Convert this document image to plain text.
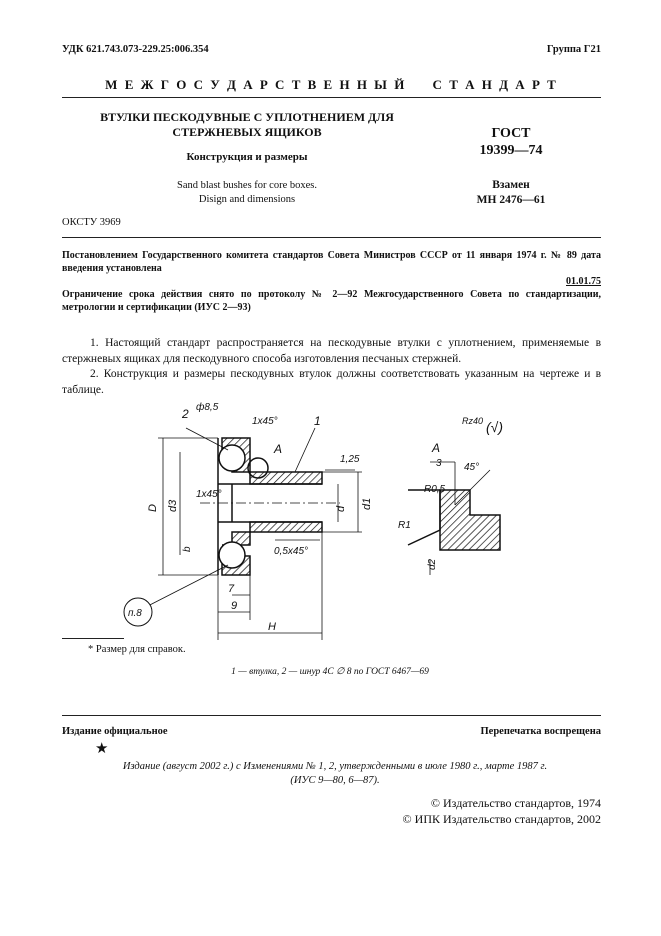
УДК 621.743.073-229.25:006.354	Группа Г21
М Е Ж Г О С У Д А Р С Т В Е Н Н Ы Й     С Т А Н Д А Р Т
ВТУЛКИ ПЕСКОДУВНЫЕ С УПЛОТНЕНИЕМ ДЛЯ
СТЕРЖНЕВЫХ ЯЩИКОВ
Конструкция и размеры
Sand blast bushes for core boxes.
Disign and dimensions
ГОСТ
19399—74
Взамен
МН 2476—61
ОКСТУ 3969
Постановлением Государственного комитета стандартов Совета Министров СССР от 11 января 1974 г. № 89 дата введения установлена
01.01.75
Ограничение срока действия снято по протоколу № 2—92 Межгосударственного Совета по стандартизации, метрологии и сертификации (ИУС 2—93)
1. Настоящий стандарт распространяется на пескодувные втулки с уплотнением, применяемые в стержневых ящиках для пескодувного способа изготовления песчаных стержней.
2. Конструкция и размеры пескодувных втулок должны соответствовать указанным на чертеже и в таблице.
2 ф8,5
1x45°	1
A
1,25
1x45°
D d3	d d1
b	0,5x45°
7
9
H
п.8
Rz40 (√)
A
3 45°
R0,5
R1
d2
* Размер для справок.
1 — втулка, 2 — шнур 4С ∅ 8 по ГОСТ 6467—69
Издание официальное	Перепечатка воспрещена
★
Издание (август 2002 г.) с Изменениями № 1, 2, утвержденными в июле 1980 г., марте 1987 г.
(ИУС 9—80, 6—87).
© Издательство стандартов, 1974
© ИПК Издательство стандартов, 2002
